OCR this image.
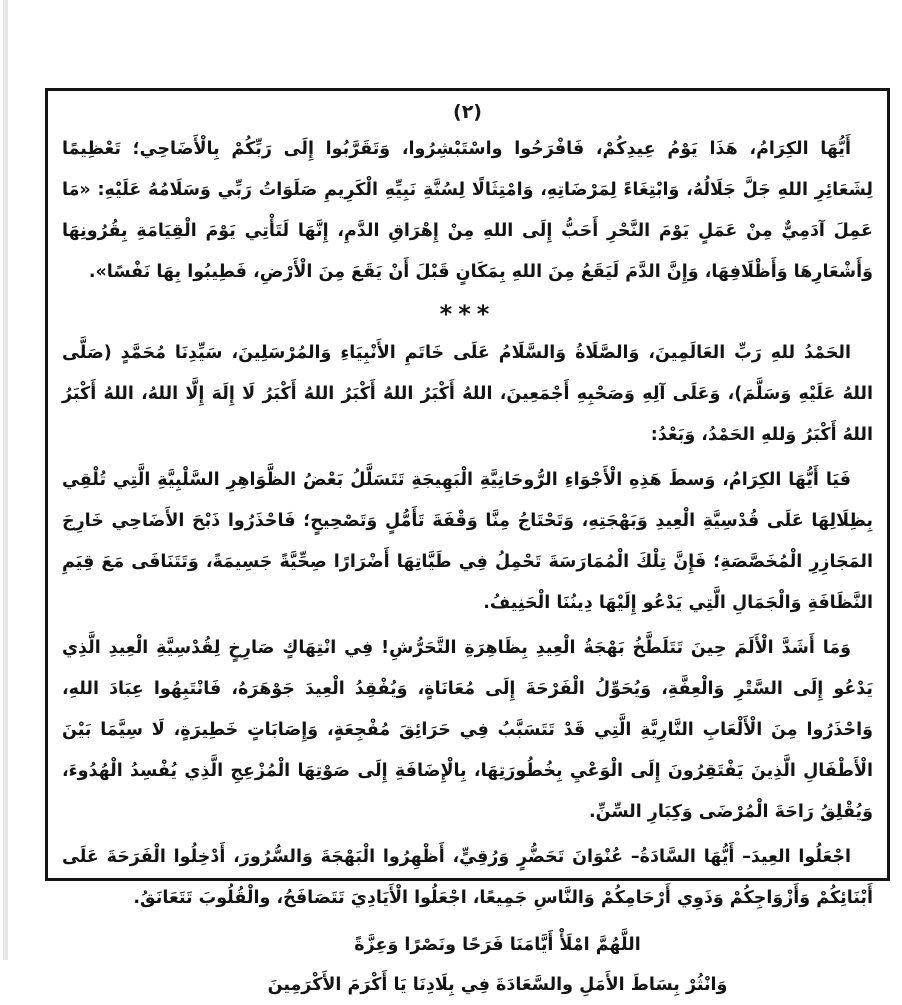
(٢)
أَيُّهَا الكِرَامُ، هَذَا يَوْمُ عِيدِكُمْ، فَافْرَحُوا واسْتَبْشِرُوا، وَتَقَرَّبُوا إِلَى رَبِّكُمْ بِالْأَضَاحِي؛ تَعْظِيمًا لِشَعَائِرِ اللهِ جَلَّ جَلَالُهُ، وَابْتِغَاءً لِمَرْضَاتِهِ، وَامْتِثَالًا لِسُنَّةِ نَبِيِّهِ الْكَرِيمِ صَلَوَاتُ رَبِّي وَسَلَامُهُ عَلَيْهِ: «مَا عَمِلَ آدَمِيٌّ مِنْ عَمَلٍ يَوْمَ النَّحْرِ أَحَبُّ إِلَى اللهِ مِنْ إِهْرَاقِ الدَّمِ، إِنَّهَا لَتَأْتِي يَوْمَ الْقِيَامَةِ بِقُرُونِهَا وَأَشْعَارِهَا وَأَظْلَافِهَا، وَإِنَّ الدَّمَ لَيَقَعُ مِنَ اللهِ بِمَكَانٍ قَبْلَ أَنْ يَقَعَ مِنَ الْأَرْضِ، فَطِيبُوا بِهَا نَفْسًا».
***
الحَمْدُ للهِ رَبِّ العَالَمِينَ، وَالصَّلَاةُ وَالسَّلَامُ عَلَى خَاتَمِ الأَنْبِيَاءِ وَالمُرْسَلِينَ، سَيِّدِنَا مُحَمَّدٍ (صَلَّى اللهُ عَلَيْهِ وَسَلَّمَ)، وَعَلَى آلِهِ وَصَحْبِهِ أَجْمَعِينَ، اللهُ أَكْبَرُ اللهُ أَكْبَرُ اللهُ أَكْبَرُ لَا إِلَهَ إِلَّا اللهُ، اللهُ أَكْبَرُ اللهُ أَكْبَرُ وَللهِ الحَمْدُ، وَبَعْدُ:
فَيَا أَيُّهَا الكِرَامُ، وَسطَ هَذِهِ الْأَجْوَاءِ الرُّوحَانِيَّةِ الْبَهِيجَةِ تَتَسَلَّلُ بَعْضُ الظَّوَاهِرِ السَّلْبِيَّةِ الَّتِي تُلْقِي بِظِلَالِهَا عَلَى قُدْسِيَّةِ الْعِيدِ وَبَهْجَتِهِ، وَتَحْتَاجُ مِنَّا وَقْفَةَ تَأَمُّلٍ وَتَصْحِيحٍ؛ فَاحْذَرُوا ذَبْحَ الأَضَاحِي خَارِجَ المَجَازِرِ الْمُخَصَّصَةِ؛ فَإِنَّ تِلْكَ الْمُمَارَسَةَ تَحْمِلُ فِي طَيَّاتِهَا أَضْرَارًا صِحِّيَّةً جَسِيمَةً، وَتَتَنَافَى مَعَ قِيَمِ النَّظَافَةِ وَالْجَمَالِ الَّتِي يَدْعُو إِلَيْهَا دِينُنَا الْحَنِيفُ.
وَمَا أَشَدَّ الْأَلَمَ حِينَ تَتَلَطَّخُ بَهْجَةُ الْعِيدِ بِظَاهِرَةِ التَّحَرُّشِ! فِي انْتِهَاكٍ صَارِخٍ لِقُدْسِيَّةِ الْعِيدِ الَّذِي يَدْعُو إِلَى السَّتْرِ وَالْعِفَّةِ، وَيُحَوِّلُ الْفَرْحَةَ إِلَى مُعَانَاةٍ، وَيُفْقِدُ الْعِيدَ جَوْهَرَهُ، فَانْتَبِهُوا عِبَادَ اللهِ، وَاحْذَرُوا مِنَ الْأَلْعَابِ النَّارِيَّةِ الَّتِي قَدْ تَتَسَبَّبُ فِي حَرَائِقَ مُفْجِعَةٍ، وَإِصَابَاتٍ خَطِيرَةٍ، لَا سِيَّمَا بَيْنَ الْأَطْفَالِ الَّذِينَ يَفْتَقِرُونَ إِلَى الْوَعْيِ بِخُطُورَتِهَا، بِالْإِضَافَةِ إِلَى صَوْتِهَا الْمُزْعِجِ الَّذِي يُفْسِدُ الْهُدُوءَ، وَيُقْلِقُ رَاحَةَ الْمُرْضَى وَكِبَارِ السِّنِّ.
اجْعَلُوا العِيدَ– أَيُّهَا السَّادَةُ– عُنْوَانَ تَحَضُّرٍ وَرُقِيٍّ، أَظْهِرُوا الْبَهْجَةَ وَالسُّرُورَ، أَدْخِلُوا الْفَرَحَةَ عَلَى أَبْنَائِكُمْ وَأَزْوَاجِكُمْ وَذَوِي أَرْحَامِكُمْ وَالنَّاسِ جَمِيعًا، اجْعَلُوا الْأَيَادِيَ تَتَصَافَحُ، والْقُلُوبَ تَتَعَانَقُ.
اللَّهُمَّ امْلَأْ أَيَّامَنَا فَرَحًا ونَصْرًا وَعِزَّةً
وَانْثُرْ بِسَاطَ الأَمَلِ والسَّعَادَةَ فِي بِلَادِنَا يَا أَكْرَمَ الأَكْرَمِينَ
